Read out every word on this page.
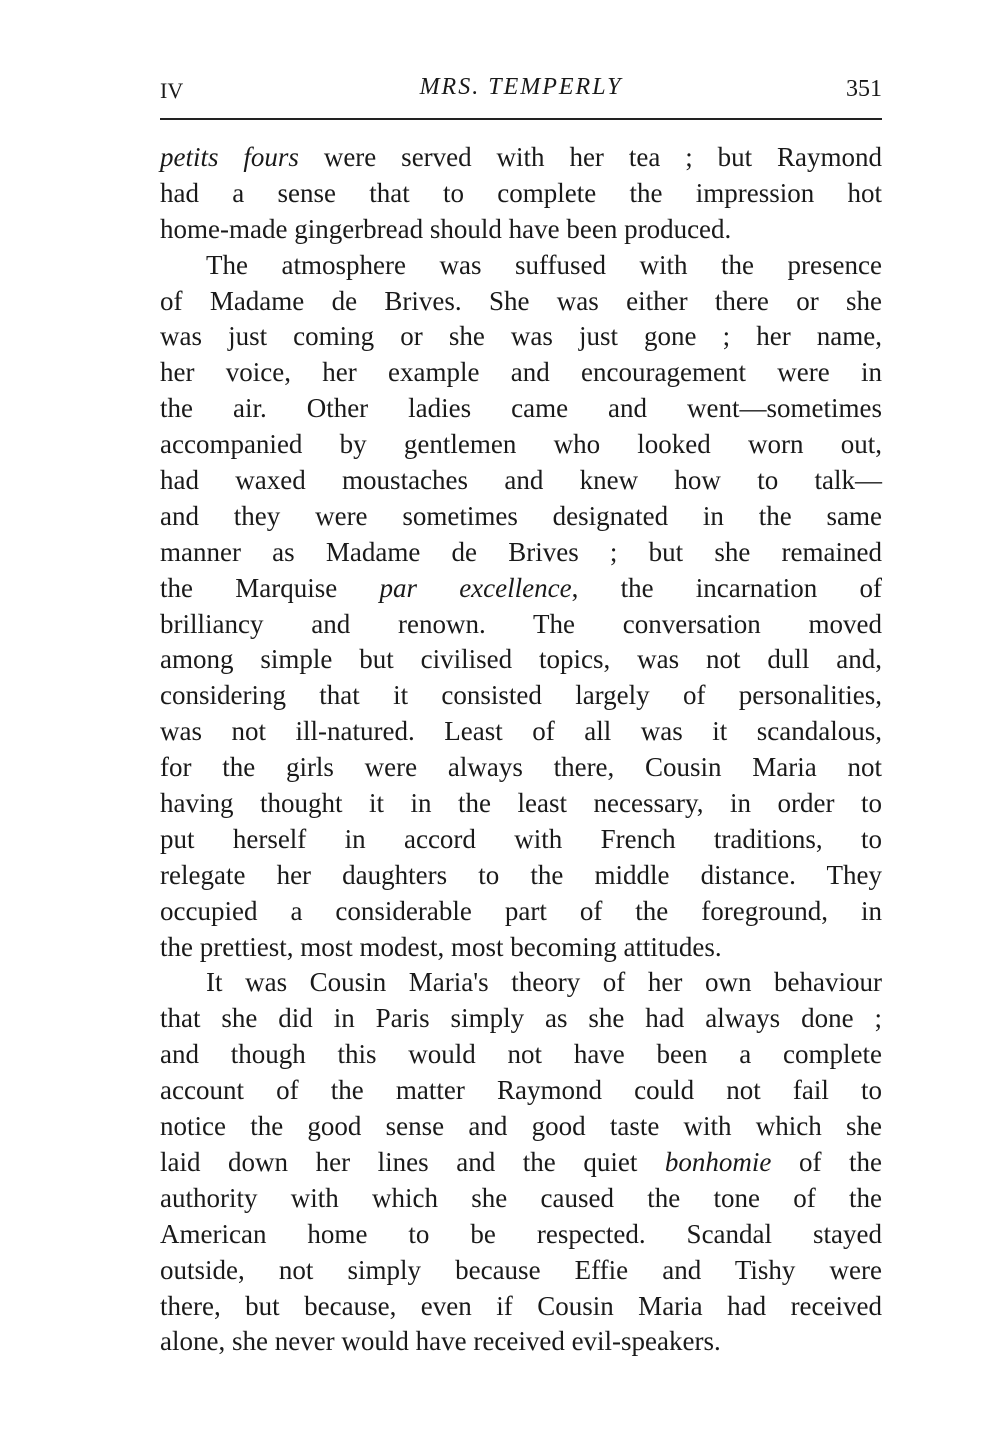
IV	MRS. TEMPERLY	351
petits fours were served with her tea ; but Raymond
had a sense that to complete the impression hot
home-made gingerbread should have been produced.
The atmosphere was suffused with the presence
of Madame de Brives. She was either there or she
was just coming or she was just gone ; her name,
her voice, her example and encouragement were in
the air. Other ladies came and went—sometimes
accompanied by gentlemen who looked worn out,
had waxed moustaches and knew how to talk—
and they were sometimes designated in the same
manner as Madame de Brives ; but she remained
the Marquise par excellence, the incarnation of
brilliancy and renown. The conversation moved
among simple but civilised topics, was not dull and,
considering that it consisted largely of personalities,
was not ill-natured. Least of all was it scandalous,
for the girls were always there, Cousin Maria not
having thought it in the least necessary, in order to
put herself in accord with French traditions, to
relegate her daughters to the middle distance. They
occupied a considerable part of the foreground, in
the prettiest, most modest, most becoming attitudes.
It was Cousin Maria's theory of her own behaviour
that she did in Paris simply as she had always done ;
and though this would not have been a complete
account of the matter Raymond could not fail to
notice the good sense and good taste with which she
laid down her lines and the quiet bonhomie of the
authority with which she caused the tone of the
American home to be respected. Scandal stayed
outside, not simply because Effie and Tishy were
there, but because, even if Cousin Maria had received
alone, she never would have received evil-speakers.
